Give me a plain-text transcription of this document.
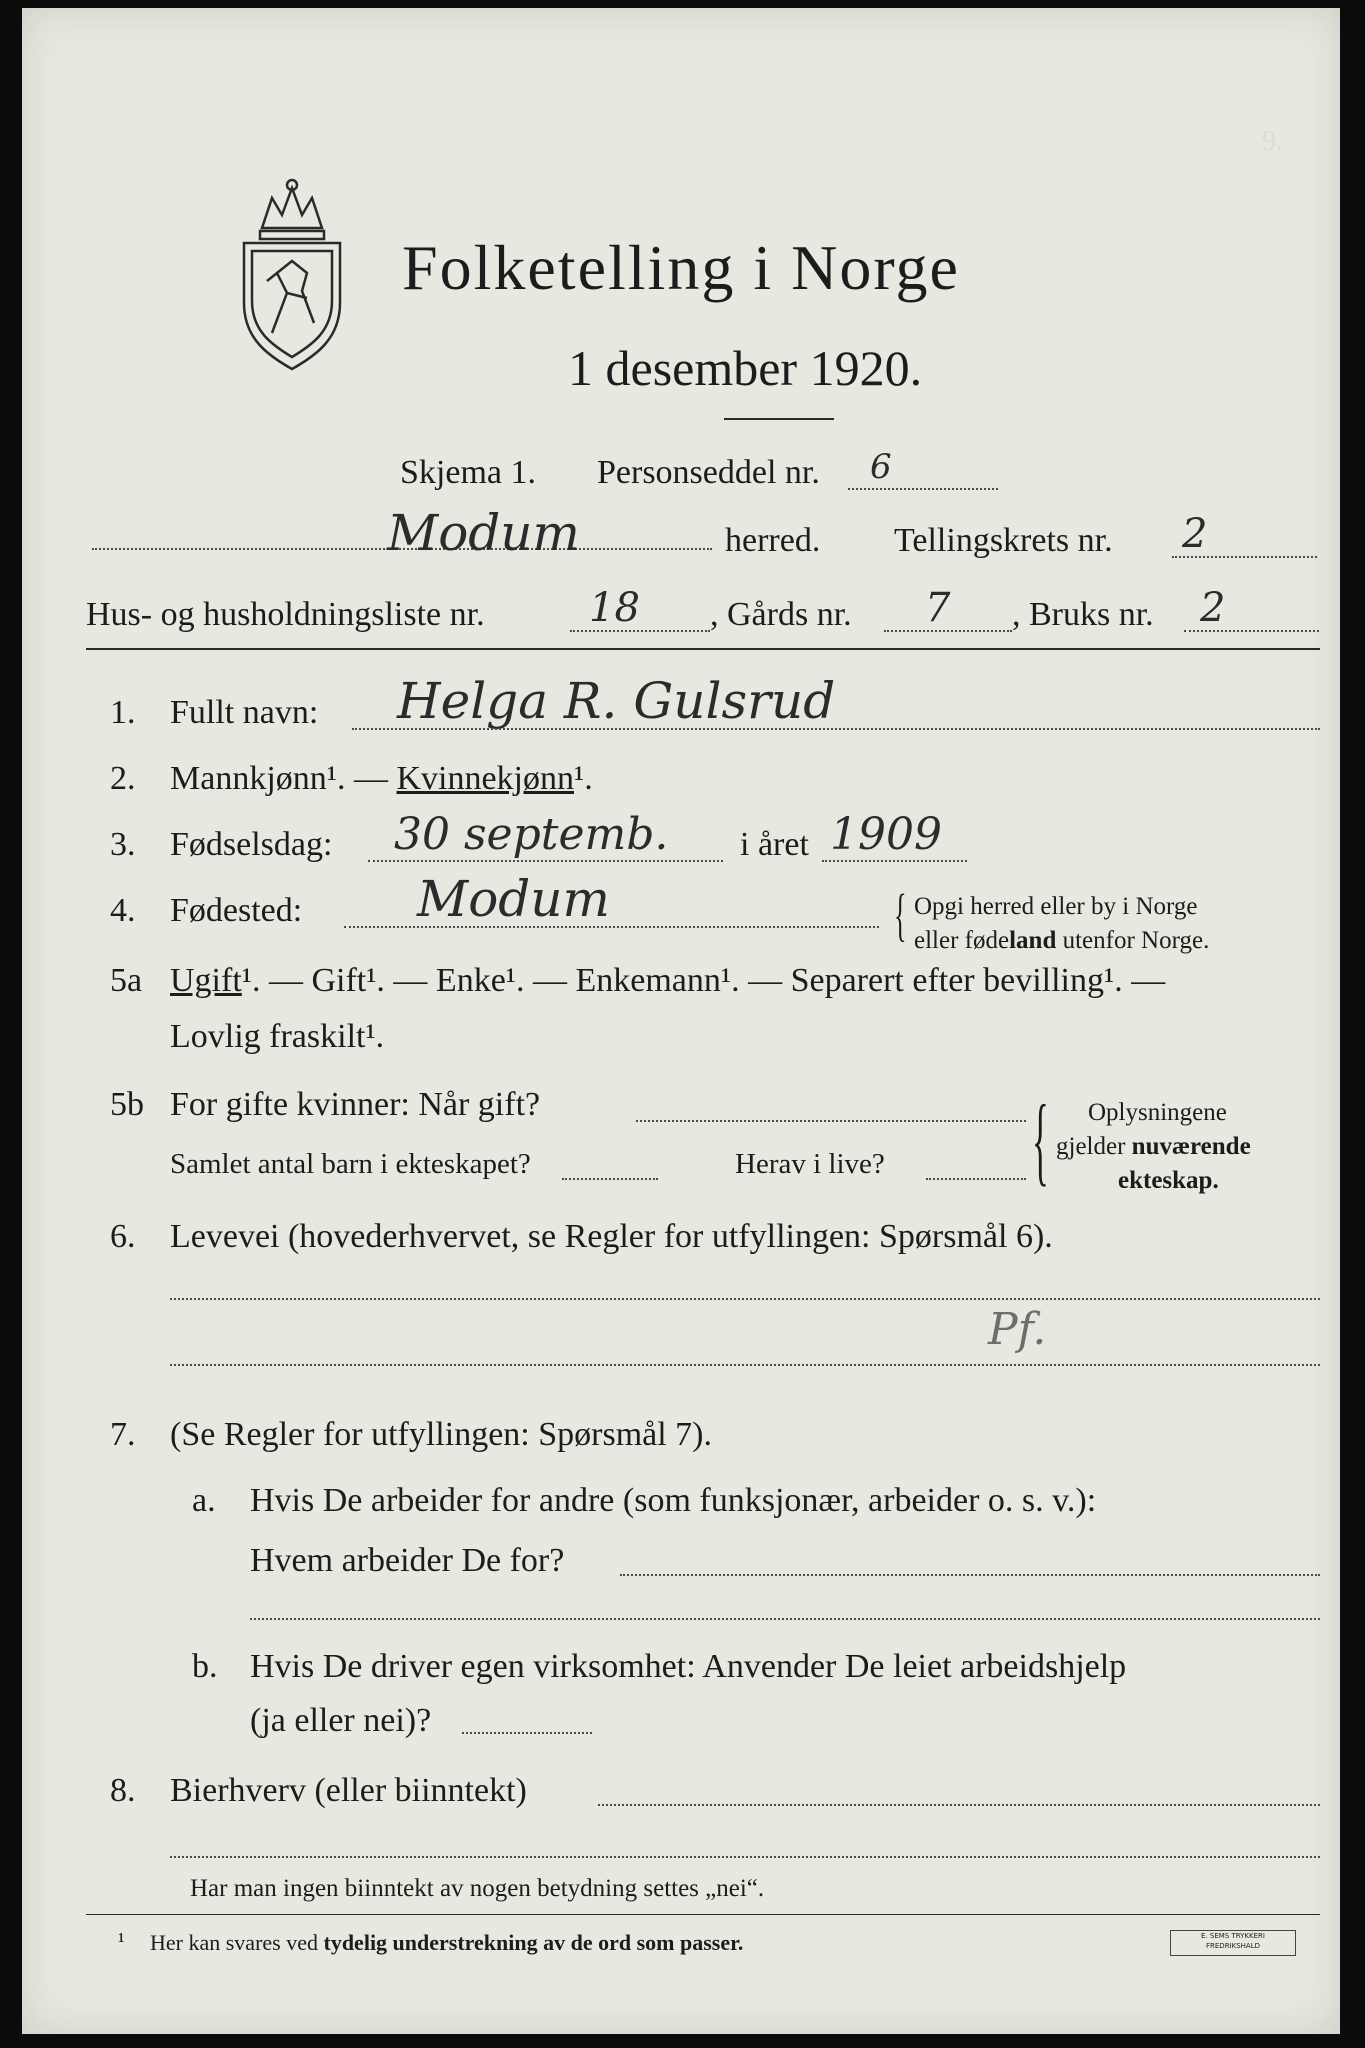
9.
Folketelling i Norge
1 desember 1920.
Skjema 1. Personseddel nr. 6
Modum	herred. Tellingskrets nr. 2
Hus- og husholdningsliste nr.	18 , Gårds nr. 7 , Bruks nr. 2
1. Fullt navn: Helga R. Gulsrud
2. Mannkjønn¹. — Kvinnekjønn¹.
3. Fødselsdag: 30 septemb. i året 1909
4. Fødested: Modum	{ Opgi herred eller by i Norge
eller fødeland utenfor Norge.
5a Ugift¹. — Gift¹. — Enke¹. — Enkemann¹. — Separert efter bevilling¹. —
Lovlig fraskilt¹.
5b For gifte kvinner: Når gift?
Samlet antal barn i ekteskapet?	Herav i live? { Oplysningene
gjelder nuværende
ekteskap.
6. Levevei (hovederhvervet, se Regler for utfyllingen: Spørsmål 6).
Pf.
7. (Se Regler for utfyllingen: Spørsmål 7).
a. Hvis De arbeider for andre (som funksjonær, arbeider o. s. v.):
Hvem arbeider De for?
b. Hvis De driver egen virksomhet: Anvender De leiet arbeidshjelp
(ja eller nei)?
8. Bierhverv (eller biinntekt)
Har man ingen biinntekt av nogen betydning settes „nei“.
¹ Her kan svares ved tydelig understrekning av de ord som passer.	E. SEMS TRYKKERI
FREDRIKSHALD
